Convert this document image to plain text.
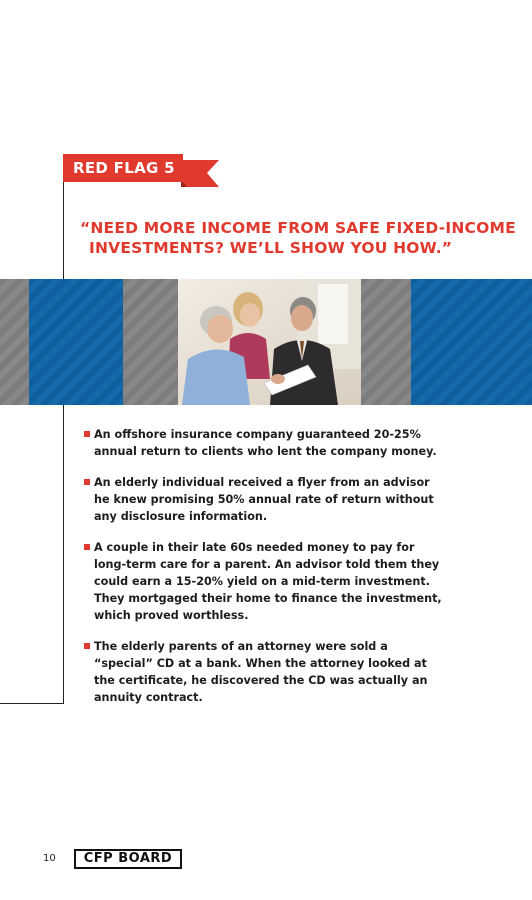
RED FLAG 5
“NEED MORE INCOME FROM SAFE FIXED-INCOME
INVESTMENTS? WE’LL SHOW YOU HOW.”
An offshore insurance company guaranteed 20-25% annual return to clients who lent the company money.
An elderly individual received a flyer from an advisor he knew promising 50% annual rate of return without any disclosure information.
A couple in their late 60s needed money to pay for long-term care for a parent. An advisor told them they could earn a 15-20% yield on a mid-term investment. They mortgaged their home to finance the investment, which proved worthless.
The elderly parents of an attorney were sold a “special” CD at a bank. When the attorney looked at the certificate, he discovered the CD was actually an annuity contract.
10	CFP BOARD
